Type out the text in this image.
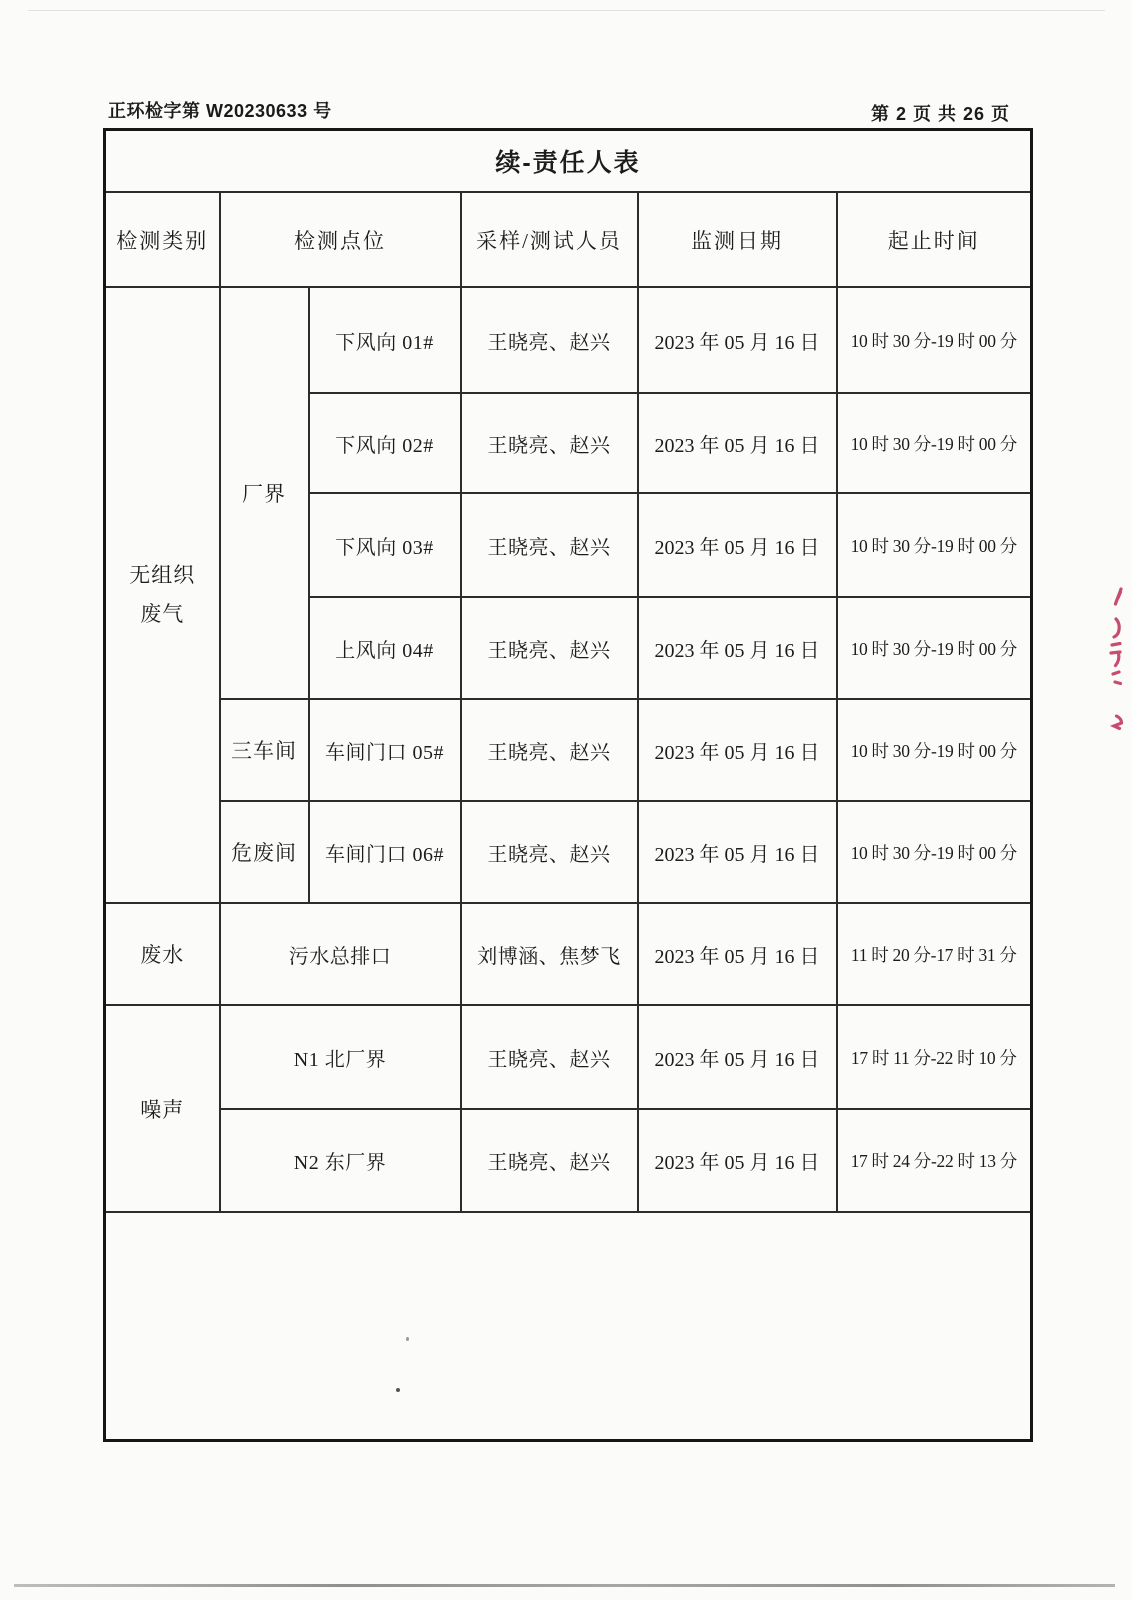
正环检字第 W20230633 号	第 2 页 共 26 页
续-责任人表					
检测类别	检测点位		采样/测试人员	监测日期	起止时间
无组织废气	厂界	下风向 01#	王晓亮、赵兴	2023 年 05 月 16 日	10 时 30 分-19 时 00 分
		下风向 02#	王晓亮、赵兴	2023 年 05 月 16 日	10 时 30 分-19 时 00 分
		下风向 03#	王晓亮、赵兴	2023 年 05 月 16 日	10 时 30 分-19 时 00 分
		上风向 04#	王晓亮、赵兴	2023 年 05 月 16 日	10 时 30 分-19 时 00 分
	三车间	车间门口 05#	王晓亮、赵兴	2023 年 05 月 16 日	10 时 30 分-19 时 00 分
	危废间	车间门口 06#	王晓亮、赵兴	2023 年 05 月 16 日	10 时 30 分-19 时 00 分
废水	污水总排口		刘博涵、焦梦飞	2023 年 05 月 16 日	11 时 20 分-17 时 31 分
噪声	N1 北厂界		王晓亮、赵兴	2023 年 05 月 16 日	17 时 11 分-22 时 10 分
	N2 东厂界		王晓亮、赵兴	2023 年 05 月 16 日	17 时 24 分-22 时 13 分
